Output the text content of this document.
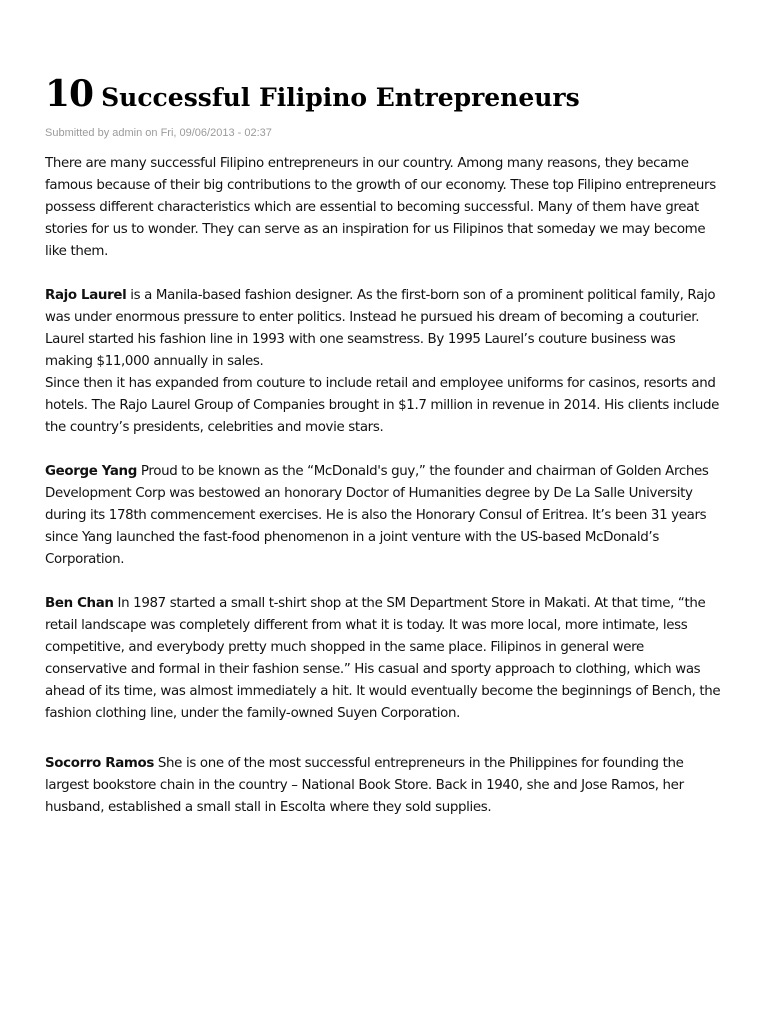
10 Successful Filipino Entrepreneurs
Submitted by admin on Fri, 09/06/2013 - 02:37

There are many successful Filipino entrepreneurs in our country. Among many reasons, they became famous because of their big contributions to the growth of our economy. These top Filipino entrepreneurs possess different characteristics which are essential to becoming successful. Many of them have great stories for us to wonder. They can serve as an inspiration for us Filipinos that someday we may become like them.

Rajo Laurel is a Manila-based fashion designer. As the first-born son of a prominent political family, Rajo was under enormous pressure to enter politics. Instead he pursued his dream of becoming a couturier. Laurel started his fashion line in 1993 with one seamstress. By 1995 Laurel’s couture business was making $11,000 annually in sales.

Since then it has expanded from couture to include retail and employee uniforms for casinos, resorts and hotels. The Rajo Laurel Group of Companies brought in $1.7 million in revenue in 2014. His clients include the country’s presidents, celebrities and movie stars.

George Yang Proud to be known as the “McDonald's guy,” the founder and chairman of Golden Arches Development Corp was bestowed an honorary Doctor of Humanities degree by De La Salle University during its 178th commencement exercises. He is also the Honorary Consul of Eritrea. It’s been 31 years since Yang launched the fast-food phenomenon in a joint venture with the US-based McDonald’s Corporation.

Ben Chan In 1987 started a small t-shirt shop at the SM Department Store in Makati. At that time, “the retail landscape was completely different from what it is today. It was more local, more intimate, less competitive, and everybody pretty much shopped in the same place. Filipinos in general were conservative and formal in their fashion sense.” His casual and sporty approach to clothing, which was ahead of its time, was almost immediately a hit. It would eventually become the beginnings of Bench, the fashion clothing line, under the family-owned Suyen Corporation.

Socorro Ramos She is one of the most successful entrepreneurs in the Philippines for founding the largest bookstore chain in the country – National Book Store. Back in 1940, she and Jose Ramos, her husband, established a small stall in Escolta where they sold supplies.
